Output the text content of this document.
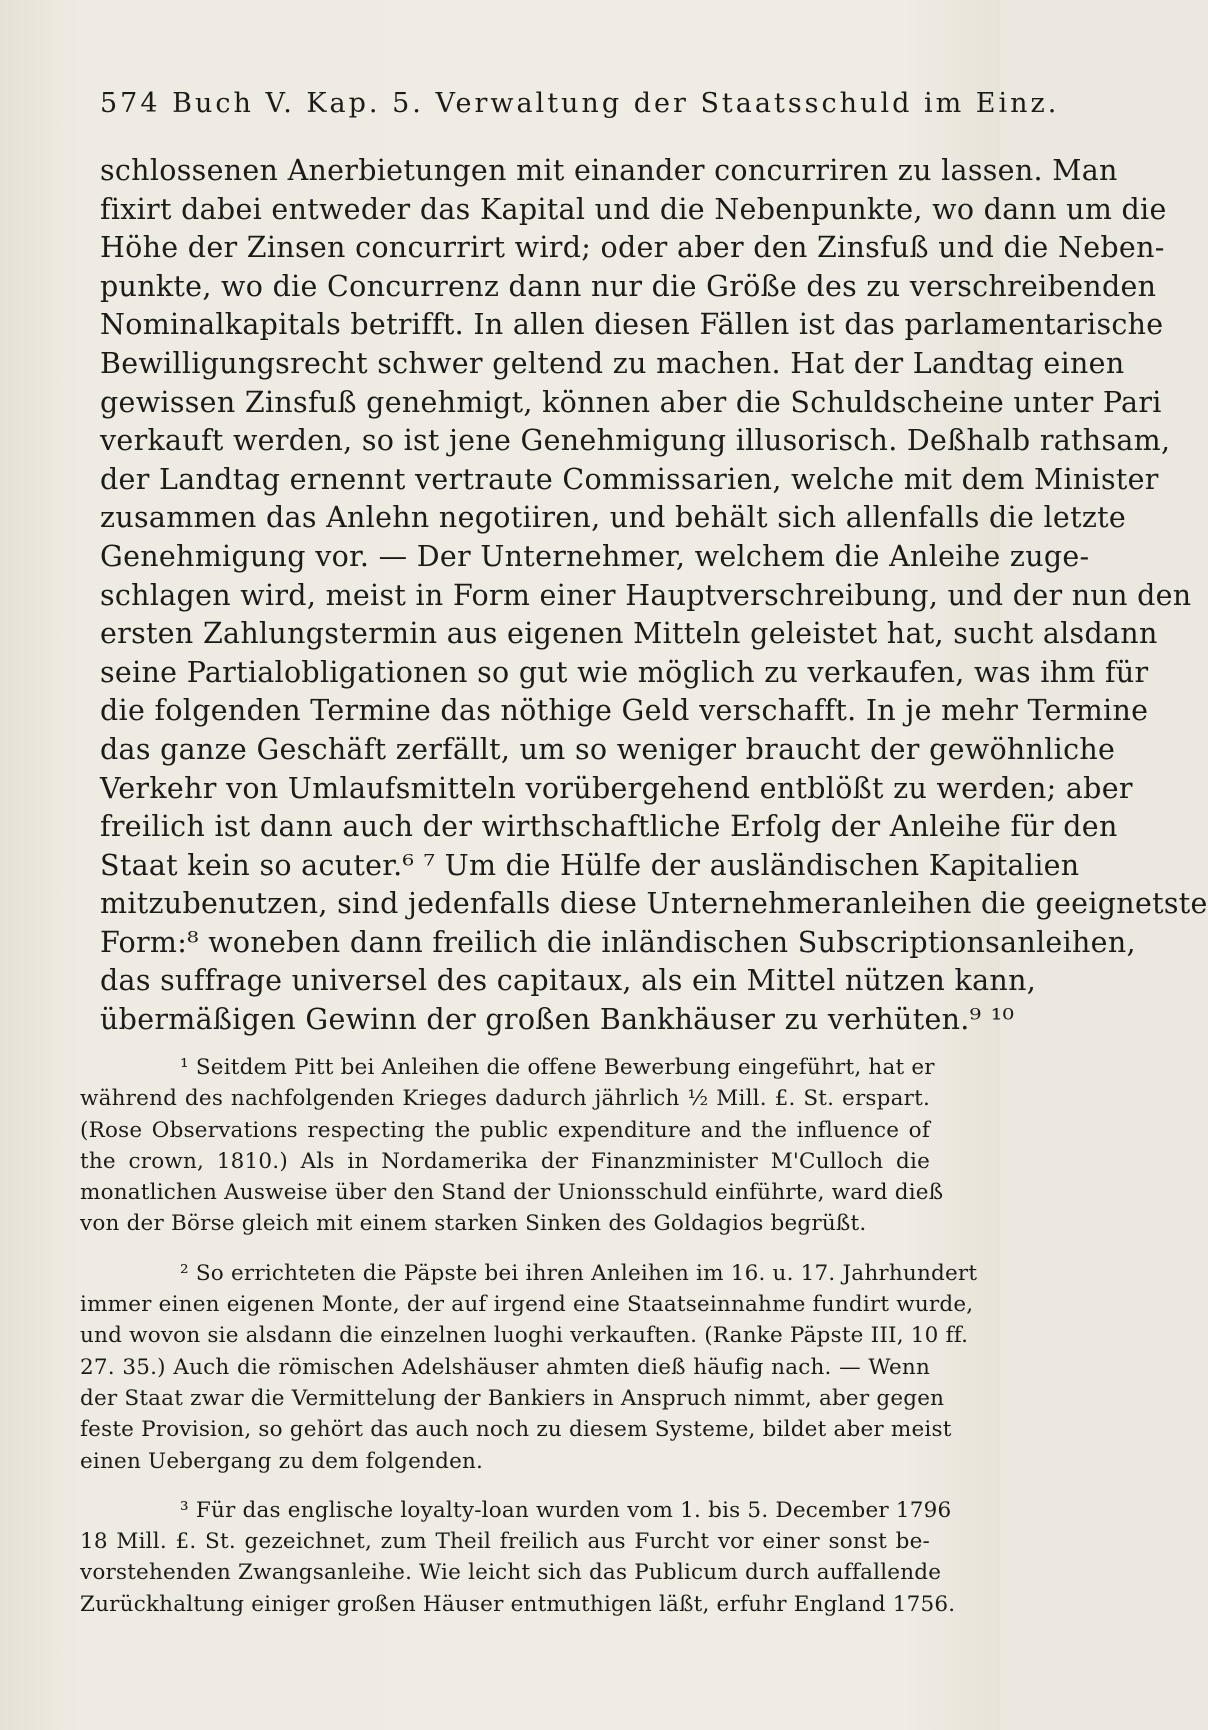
574 Buch V. Kap. 5. Verwaltung der Staatsschuld im Einz.
schlossenen Anerbietungen mit einander concurriren zu lassen. Man
fixirt dabei entweder das Kapital und die Nebenpunkte, wo dann um die
Höhe der Zinsen concurrirt wird; oder aber den Zinsfuß und die Neben-
punkte, wo die Concurrenz dann nur die Größe des zu verschreibenden
Nominalkapitals betrifft. In allen diesen Fällen ist das parlamentarische
Bewilligungsrecht schwer geltend zu machen. Hat der Landtag einen
gewissen Zinsfuß genehmigt, können aber die Schuldscheine unter Pari
verkauft werden, so ist jene Genehmigung illusorisch. Deßhalb rathsam,
der Landtag ernennt vertraute Commissarien, welche mit dem Minister
zusammen das Anlehn negotiiren, und behält sich allenfalls die letzte
Genehmigung vor. — Der Unternehmer, welchem die Anleihe zuge-
schlagen wird, meist in Form einer Hauptverschreibung, und der nun den
ersten Zahlungstermin aus eigenen Mitteln geleistet hat, sucht alsdann
seine Partialobligationen so gut wie möglich zu verkaufen, was ihm für
die folgenden Termine das nöthige Geld verschafft. In je mehr Termine
das ganze Geschäft zerfällt, um so weniger braucht der gewöhnliche
Verkehr von Umlaufsmitteln vorübergehend entblößt zu werden; aber
freilich ist dann auch der wirthschaftliche Erfolg der Anleihe für den
Staat kein so acuter.⁶ ⁷ Um die Hülfe der ausländischen Kapitalien
mitzubenutzen, sind jedenfalls diese Unternehmeranleihen die geeignetste
Form:⁸ woneben dann freilich die inländischen Subscriptionsanleihen,
das suffrage universel des capitaux, als ein Mittel nützen kann,
übermäßigen Gewinn der großen Bankhäuser zu verhüten.⁹ ¹⁰
¹ Seitdem Pitt bei Anleihen die offene Bewerbung eingeführt, hat er
während des nachfolgenden Krieges dadurch jährlich ½ Mill. £. St. erspart.
(Rose Observations respecting the public expenditure and the influence of
the crown, 1810.) Als in Nordamerika der Finanzminister M'Culloch die
monatlichen Ausweise über den Stand der Unionsschuld einführte, ward dieß
von der Börse gleich mit einem starken Sinken des Goldagios begrüßt.
² So errichteten die Päpste bei ihren Anleihen im 16. u. 17. Jahrhundert
immer einen eigenen Monte, der auf irgend eine Staatseinnahme fundirt wurde,
und wovon sie alsdann die einzelnen luoghi verkauften. (Ranke Päpste III, 10 ff.
27. 35.) Auch die römischen Adelshäuser ahmten dieß häufig nach. — Wenn
der Staat zwar die Vermittelung der Bankiers in Anspruch nimmt, aber gegen
feste Provision, so gehört das auch noch zu diesem Systeme, bildet aber meist
einen Uebergang zu dem folgenden.
³ Für das englische loyalty-loan wurden vom 1. bis 5. December 1796
18 Mill. £. St. gezeichnet, zum Theil freilich aus Furcht vor einer sonst be-
vorstehenden Zwangsanleihe. Wie leicht sich das Publicum durch auffallende
Zurückhaltung einiger großen Häuser entmuthigen läßt, erfuhr England 1756.
